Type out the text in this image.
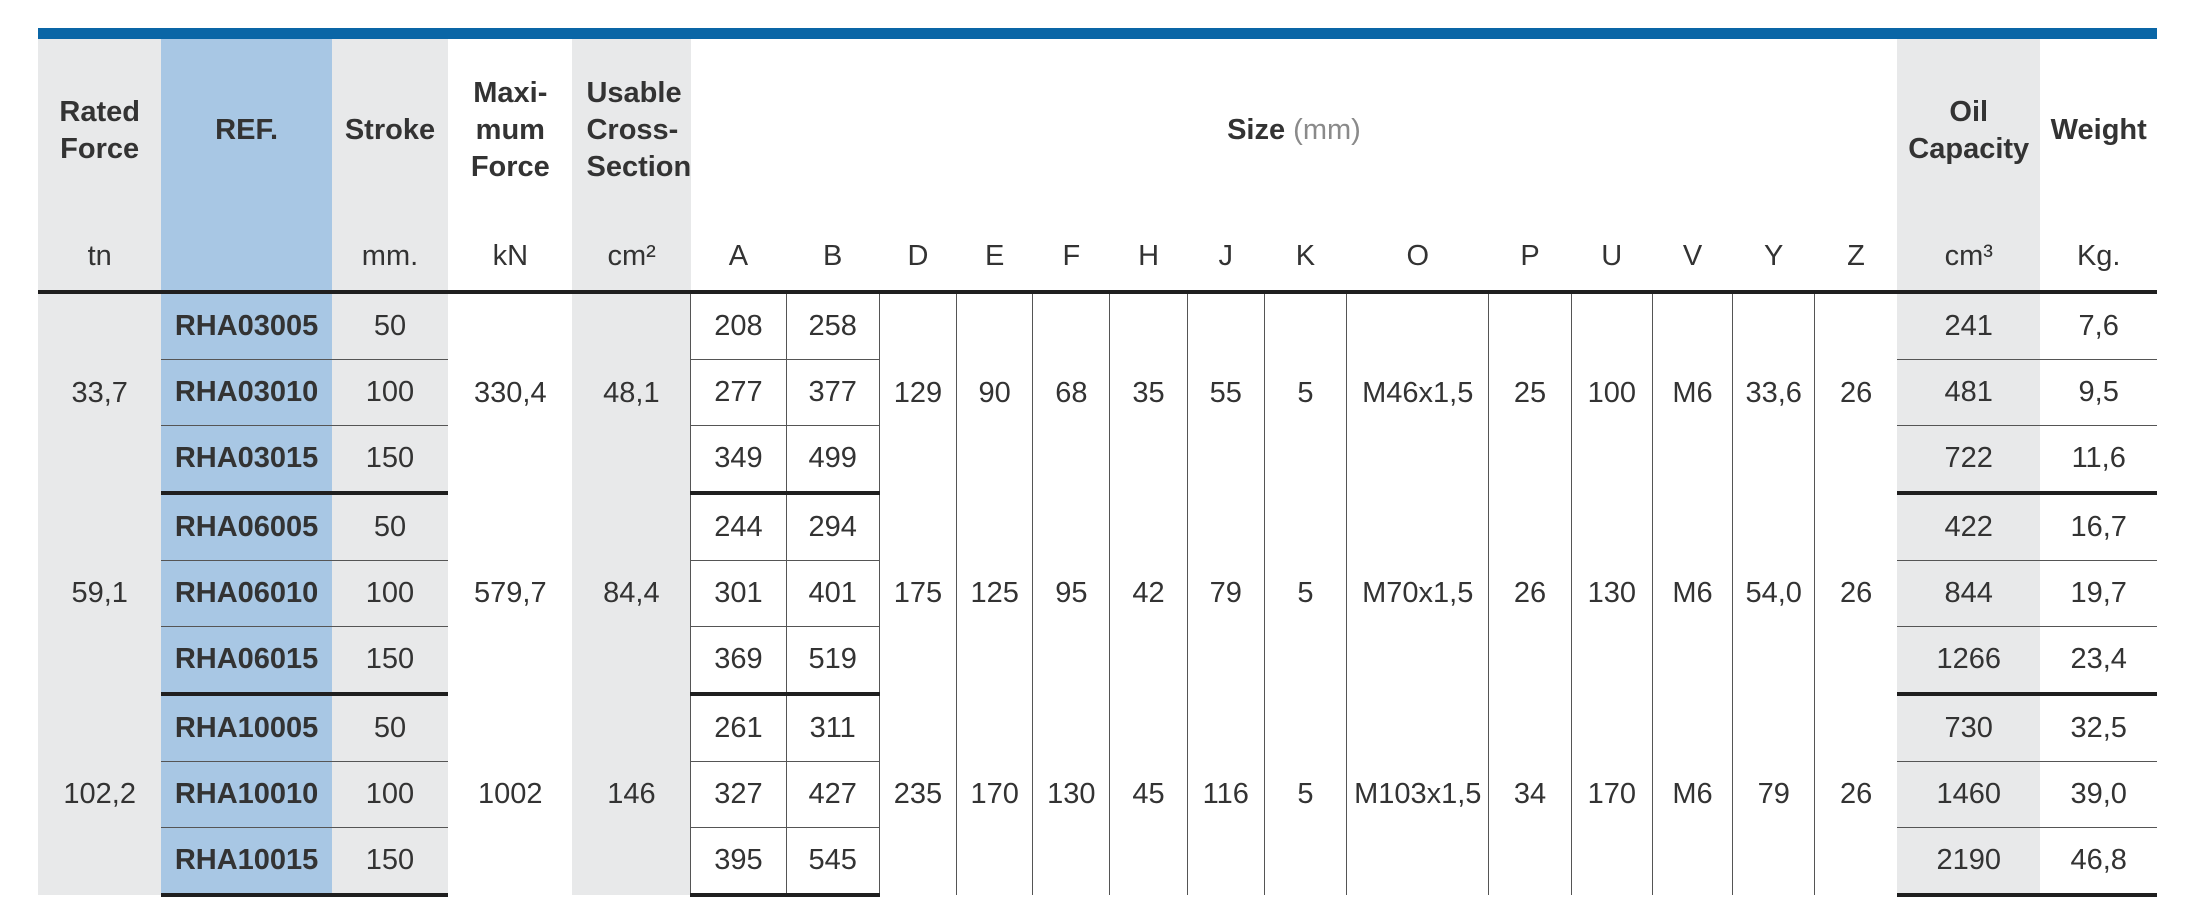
Rated Force	REF.	Stroke	Maxi- mum Force	Usable Cross- Section	Size (mm)														Oil Capacity	Weight
tn		mm.	kN	cm²	A	B	D	E	F	H	J	K	O	P	U	V	Y	Z	cm³	Kg.
33,7	RHA03005	50	330,4	48,1	208	258	129	90	68	35	55	5	M46x1,5	25	100	M6	33,6	26	241	7,6
	RHA03010	100			277	377													481	9,5
	RHA03015	150			349	499													722	11,6
59,1	RHA06005	50	579,7	84,4	244	294	175	125	95	42	79	5	M70x1,5	26	130	M6	54,0	26	422	16,7
	RHA06010	100			301	401													844	19,7
	RHA06015	150			369	519													1266	23,4
102,2	RHA10005	50	1002	146	261	311	235	170	130	45	116	5	M103x1,5	34	170	M6	79	26	730	32,5
	RHA10010	100			327	427													1460	39,0
	RHA10015	150			395	545													2190	46,8
